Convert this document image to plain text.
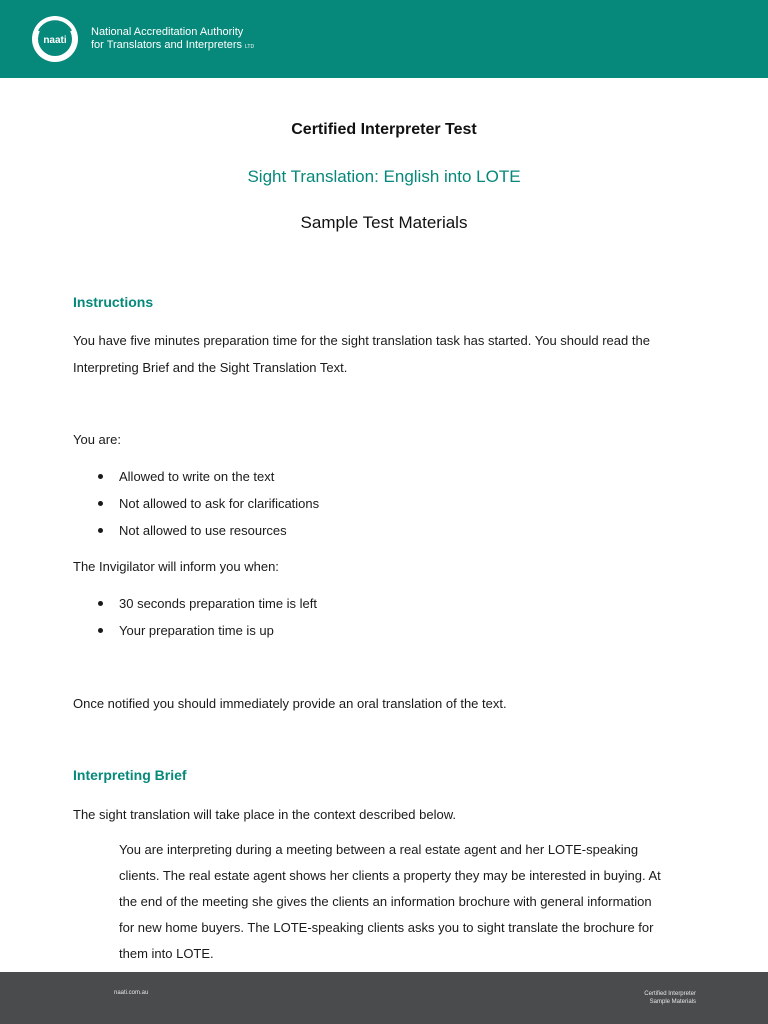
naati
National Accreditation Authority
for Translators and Interpreters LTD
Certified Interpreter Test
Sight Translation: English into LOTE
Sample Test Materials
Instructions
You have five minutes preparation time for the sight translation task has started. You should read the Interpreting Brief and the Sight Translation Text.
You are:
Allowed to write on the text
Not allowed to ask for clarifications
Not allowed to use resources
The Invigilator will inform you when:
30 seconds preparation time is left
Your preparation time is up
Once notified you should immediately provide an oral translation of the text.
Interpreting Brief
The sight translation will take place in the context described below.
You are interpreting during a meeting between a real estate agent and her LOTE-speaking
clients. The real estate agent shows her clients a property they may be interested in buying. At
the end of the meeting she gives the clients an information brochure with general information
for new home buyers. The LOTE-speaking clients asks you to sight translate the brochure for
them into LOTE.
naati.com.au	Certified Interpreter
Sample Materials
